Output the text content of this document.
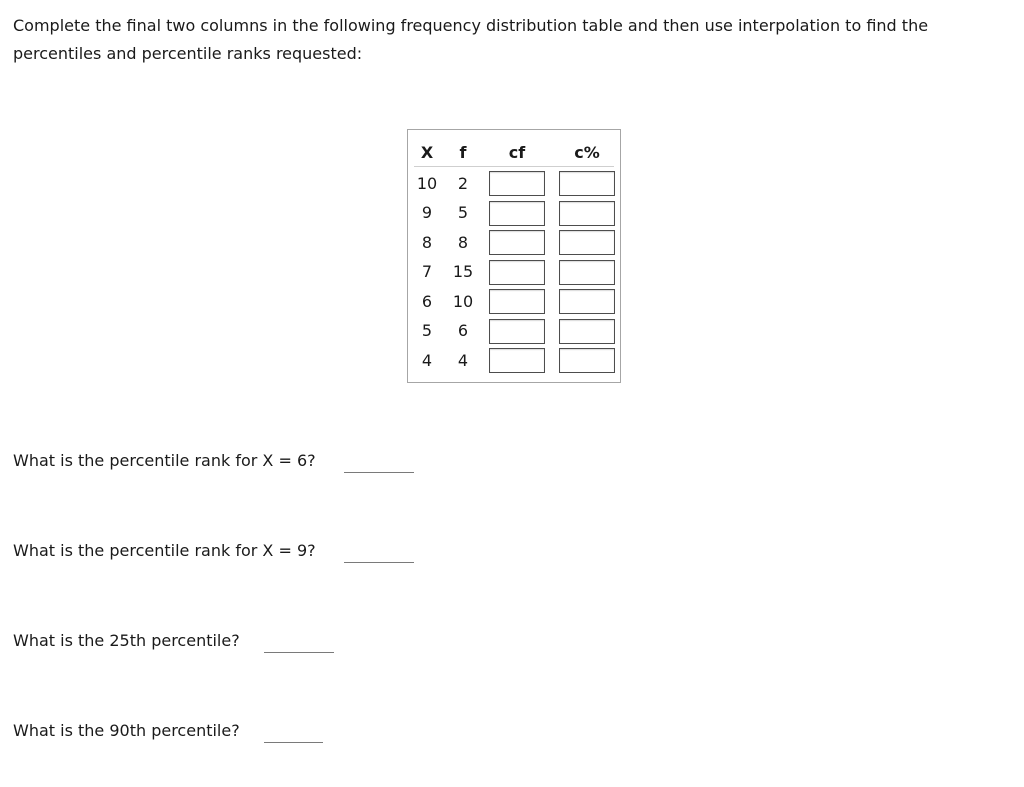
Complete the final two columns in the following frequency distribution table and then use interpolation to find the percentiles and percentile ranks requested:

X	f	cf	c%
10	2
9	5
8	8
7	15
6	10
5	6
4	4
What is the percentile rank for X = 6?
What is the percentile rank for X = 9?
What is the 25th percentile?
What is the 90th percentile?
